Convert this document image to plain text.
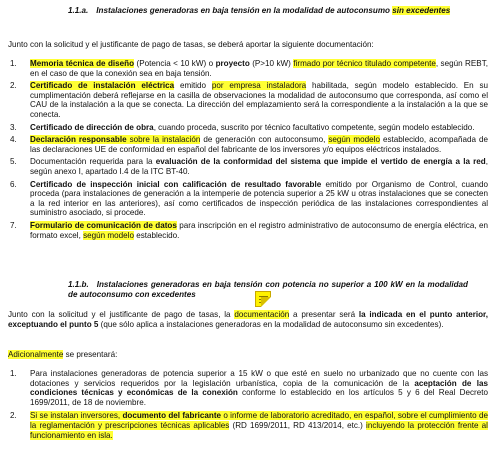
1.1.a. Instalaciones generadoras en baja tensión en la modalidad de autoconsumo sin excedentes
Junto con la solicitud y el justificante de pago de tasas, se deberá aportar la siguiente documentación:
1. Memoria técnica de diseño (Potencia < 10 kW) o proyecto (P>10 kW) firmado por técnico titulado competente, según REBT, en el caso de que la conexión sea en baja tensión.
2. Certificado de instalación eléctrica emitido por empresa instaladora habilitada, según modelo establecido. En su cumplimentación deberá reflejarse en la casilla de observaciones la modalidad de autoconsumo que corresponda, así como el CAU de la instalación a la que se conecta. La dirección del emplazamiento será la correspondiente a la instalación a la que se conecta.
3. Certificado de dirección de obra, cuando proceda, suscrito por técnico facultativo competente, según modelo establecido.
4. Declaración responsable sobre la instalación de generación con autoconsumo, según modelo establecido, acompañada de las declaraciones UE de conformidad en español del fabricante de los inversores y/o equipos eléctricos instalados.
5. Documentación requerida para la evaluación de la conformidad del sistema que impide el vertido de energía a la red, según anexo I, apartado I.4 de la ITC BT-40.
6. Certificado de inspección inicial con calificación de resultado favorable emitido por Organismo de Control, cuando proceda (para instalaciones de generación a la intemperie de potencia superior a 25 kW u otras instalaciones que se conecten a la red interior en las anteriores), así como certificados de inspección periódica de las instalaciones correspondientes al suministro asociado, si procede.
7. Formulario de comunicación de datos para inscripción en el registro administrativo de autoconsumo de energía eléctrica, en formato excel, según modelo establecido.
1.1.b. Instalaciones generadoras en baja tensión con potencia no superior a 100 kW en la modalidad de autoconsumo con excedentes
Junto con la solicitud y el justificante de pago de tasas, la documentación a presentar será la indicada en el punto anterior, exceptuando el punto 5 (que sólo aplica a instalaciones generadoras en la modalidad de autoconsumo sin excedentes).
Adicionalmente se presentará:
1. Para instalaciones generadoras de potencia superior a 15 kW o que esté en suelo no urbanizado que no cuente con las dotaciones y servicios requeridos por la legislación urbanística, copia de la comunicación de la aceptación de las condiciones técnicas y económicas de la conexión conforme lo establecido en los artículos 5 y 6 del Real Decreto 1699/2011, de 18 de noviembre.
2. Si se instalan inversores, documento del fabricante o informe de laboratorio acreditado, en español, sobre el cumplimiento de la reglamentación y prescripciones técnicas aplicables (RD 1699/2011, RD 413/2014, etc.) incluyendo la protección frente al funcionamiento en isla.
